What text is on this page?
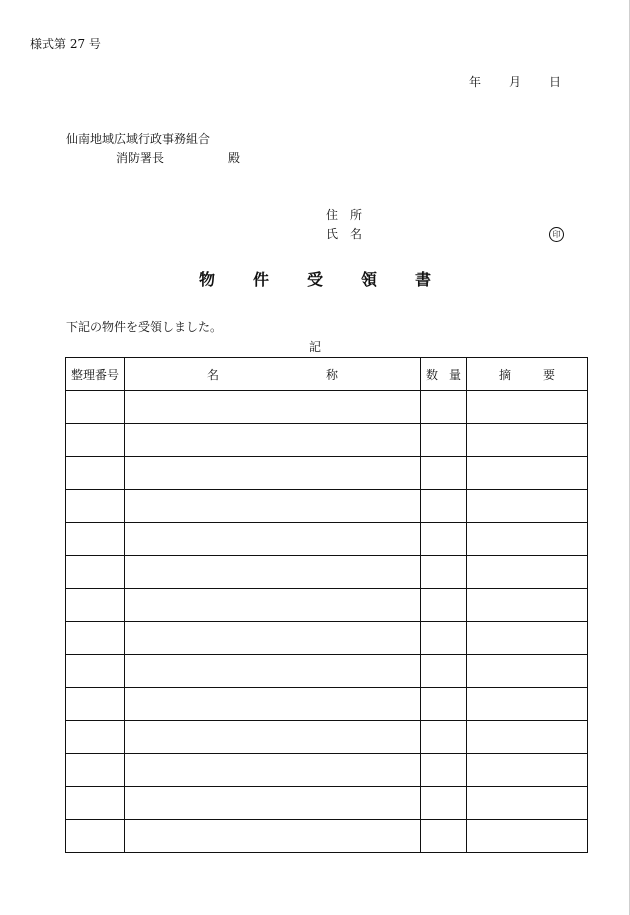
様式第 27 号
年 月 日
仙南地域広域行政事務組合
消防署長	殿
住所
氏名	印
物件受領書
下記の物件を受領しました。
記
整理番号	名 称	数 量	摘 要
